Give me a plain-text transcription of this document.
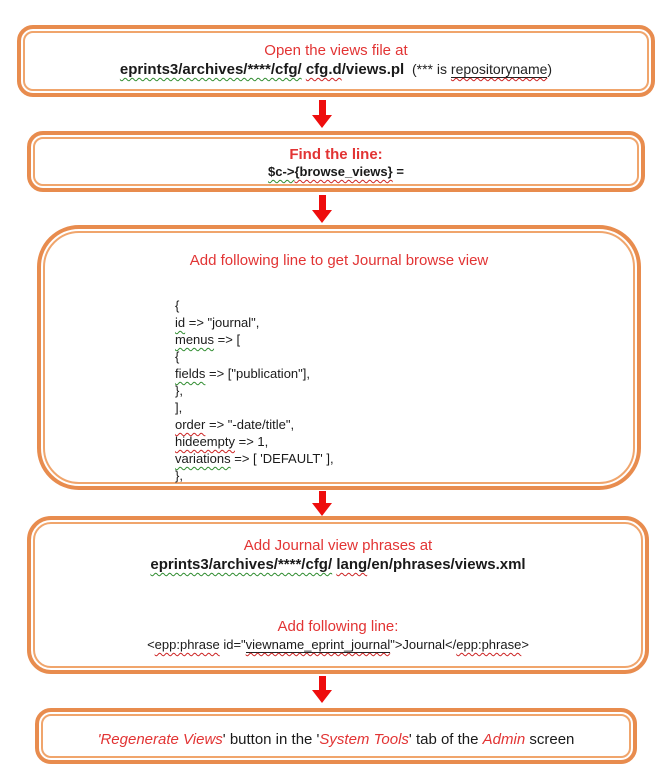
Open the views file at
eprints3/archives/****/cfg/ cfg.d/views.pl  (*** is repositoryname)
Find the line:
$c->{browse_views} =
Add following line to get Journal browse view
{
id => "journal",
menus => [
{
fields => ["publication"],
},
],
order => "-date/title",
hideempty => 1,
variations => [ 'DEFAULT' ],
},
Add Journal view phrases at
eprints3/archives/****/cfg/ lang/en/phrases/views.xml
Add following line:
<epp:phrase id="viewname_eprint_journal">Journal</epp:phrase>
'Regenerate Views' button in the 'System Tools' tab of the Admin screen
